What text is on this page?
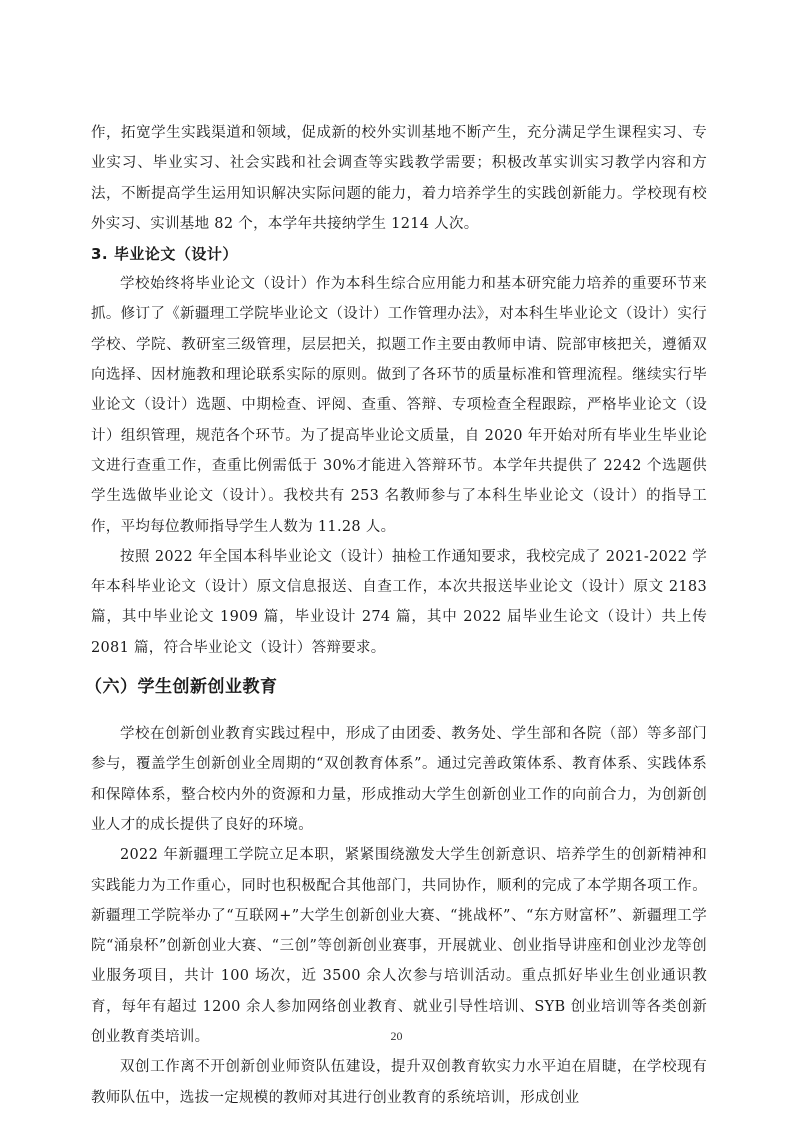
作，拓宽学生实践渠道和领域，促成新的校外实训基地不断产生，充分满足学生课程实习、专业实习、毕业实习、社会实践和社会调查等实践教学需要；积极改革实训实习教学内容和方法，不断提高学生运用知识解决实际问题的能力，着力培养学生的实践创新能力。学校现有校外实习、实训基地 82 个，本学年共接纳学生 1214 人次。

3. 毕业论文（设计）

学校始终将毕业论文（设计）作为本科生综合应用能力和基本研究能力培养的重要环节来抓。修订了《新疆理工学院毕业论文（设计）工作管理办法》，对本科生毕业论文（设计）实行学校、学院、教研室三级管理，层层把关，拟题工作主要由教师申请、院部审核把关，遵循双向选择、因材施教和理论联系实际的原则。做到了各环节的质量标准和管理流程。继续实行毕业论文（设计）选题、中期检查、评阅、查重、答辩、专项检查全程跟踪，严格毕业论文（设计）组织管理，规范各个环节。为了提高毕业论文质量，自 2020 年开始对所有毕业生毕业论文进行查重工作，查重比例需低于 30%才能进入答辩环节。本学年共提供了 2242 个选题供学生选做毕业论文（设计）。我校共有 253 名教师参与了本科生毕业论文（设计）的指导工作，平均每位教师指导学生人数为 11.28 人。

按照 2022 年全国本科毕业论文（设计）抽检工作通知要求，我校完成了 2021-2022 学年本科毕业论文（设计）原文信息报送、自查工作，本次共报送毕业论文（设计）原文 2183 篇，其中毕业论文 1909 篇，毕业设计 274 篇，其中 2022 届毕业生论文（设计）共上传 2081 篇，符合毕业论文（设计）答辩要求。

（六）学生创新创业教育

学校在创新创业教育实践过程中，形成了由团委、教务处、学生部和各院（部）等多部门参与，覆盖学生创新创业全周期的“双创教育体系”。通过完善政策体系、教育体系、实践体系和保障体系，整合校内外的资源和力量，形成推动大学生创新创业工作的向前合力，为创新创业人才的成长提供了良好的环境。

2022 年新疆理工学院立足本职，紧紧围绕激发大学生创新意识、培养学生的创新精神和实践能力为工作重心，同时也积极配合其他部门，共同协作，顺利的完成了本学期各项工作。新疆理工学院举办了“互联网+”大学生创新创业大赛、“挑战杯”、“东方财富杯”、新疆理工学院“涌泉杯”创新创业大赛、“三创”等创新创业赛事，开展就业、创业指导讲座和创业沙龙等创业服务项目，共计 100 场次，近 3500 余人次参与培训活动。重点抓好毕业生创业通识教育，每年有超过 1200 余人参加网络创业教育、就业引导性培训、SYB 创业培训等各类创新创业教育类培训。

双创工作离不开创新创业师资队伍建设，提升双创教育软实力水平迫在眉睫，在学校现有教师队伍中，选拔一定规模的教师对其进行创业教育的系统培训，形成创业

20
